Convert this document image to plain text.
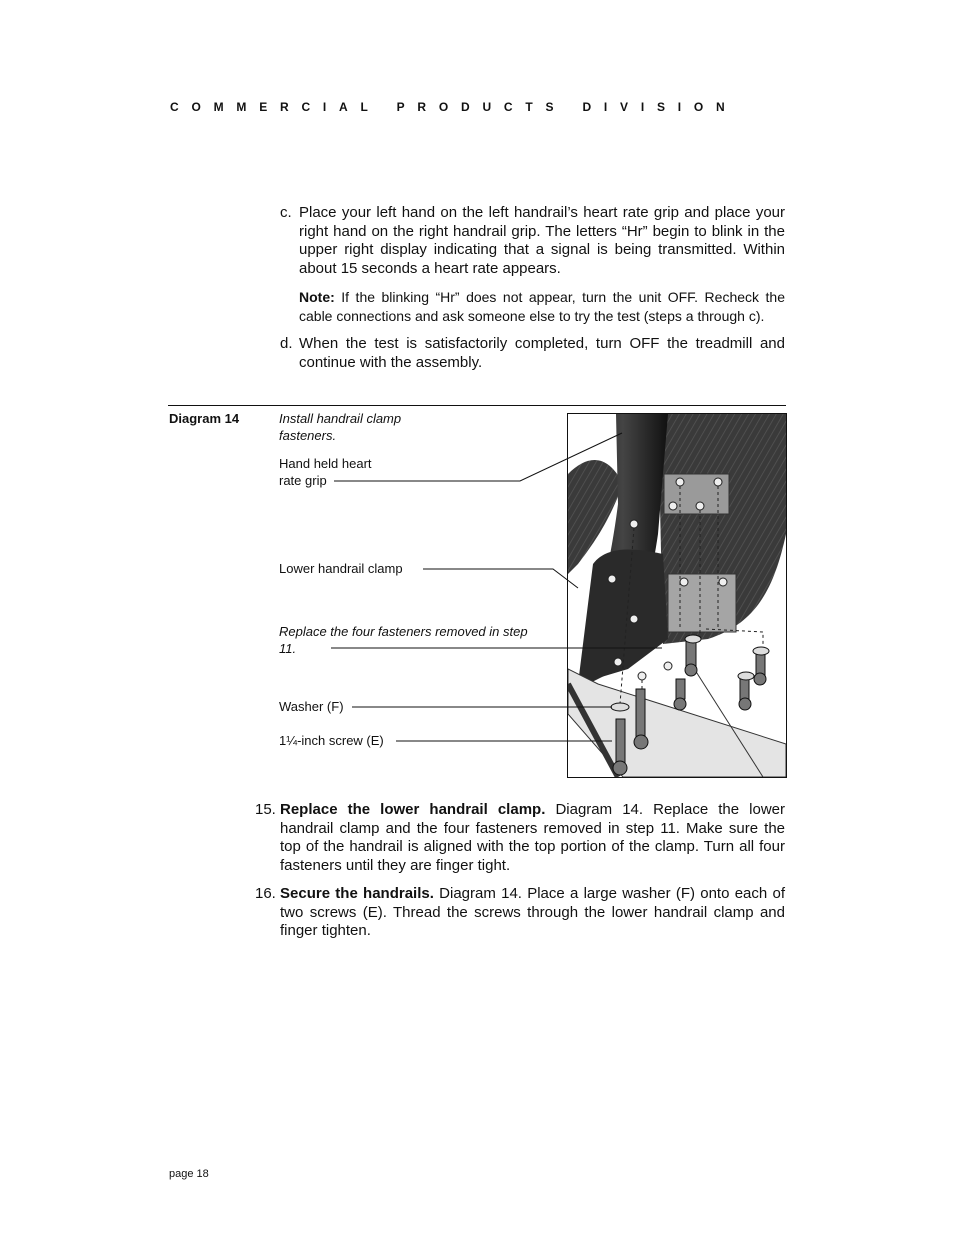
COMMERCIAL PRODUCTS DIVISION
c. Place your left hand on the left handrail’s heart rate grip and place your right hand on the right handrail grip. The letters “Hr” begin to blink in the upper right display indicating that a signal is being transmitted. Within about 15 seconds a heart rate appears.
Note: If the blinking “Hr” does not appear, turn the unit OFF. Recheck the cable connections and ask someone else to try the test (steps a through c).
d. When the test is satisfactorily completed, turn OFF the treadmill and continue with the assembly.
Diagram 14	Install handrail clamp fasteners.
Hand held heart rate grip
Lower handrail clamp
Replace the four fasteners removed in step 11.
Washer (F)
1¼-inch screw (E)
15. Replace the lower handrail clamp. Diagram 14. Replace the lower handrail clamp and the four fasteners removed in step 11. Make sure the top of the handrail is aligned with the top portion of the clamp. Turn all four fasteners until they are finger tight.
16. Secure the handrails. Diagram 14. Place a large washer (F) onto each of two screws (E). Thread the screws through the lower handrail clamp and finger tighten.
page 18
